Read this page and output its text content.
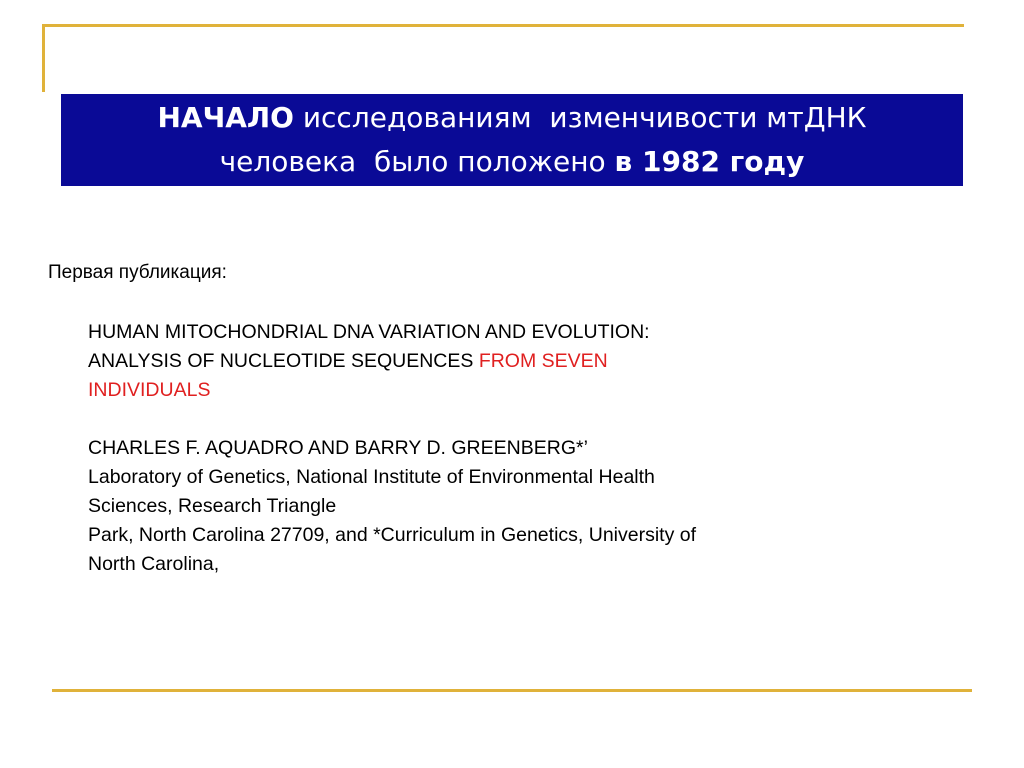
НАЧАЛО исследованиям  изменчивости мтДНК
человека  было положено в 1982 году
Первая публикация:
HUMAN MITOCHONDRIAL DNA VARIATION AND EVOLUTION:
ANALYSIS OF NUCLEOTIDE SEQUENCES FROM SEVEN
INDIVIDUALS
CHARLES F. AQUADRO AND BARRY D. GREENBERG*’
Laboratory of Genetics, National Institute of Environmental Health
Sciences, Research Triangle
Park, North Carolina 27709, and *Curriculum in Genetics, University of
North Carolina,
